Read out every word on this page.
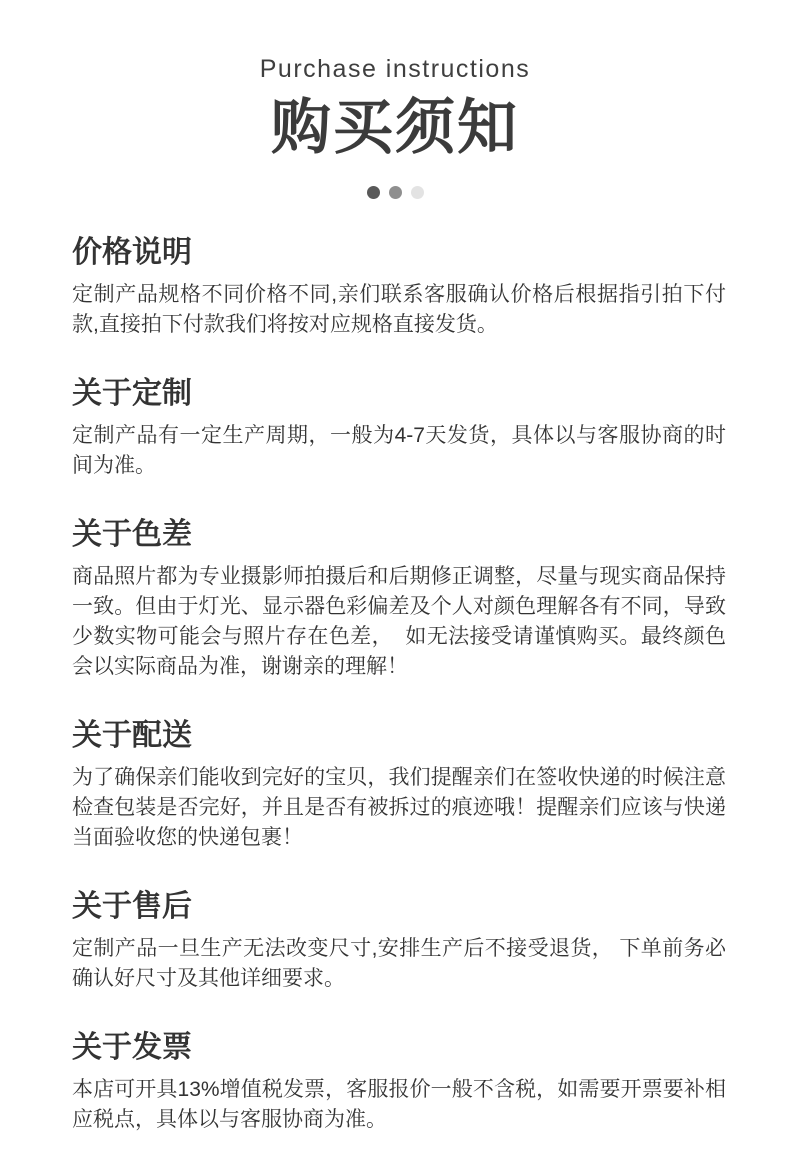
Purchase instructions
购买须知
价格说明
定制产品规格不同价格不同,亲们联系客服确认价格后根据指引拍下付款,直接拍下付款我们将按对应规格直接发货。
关于定制
定制产品有一定生产周期，一般为4-7天发货，具体以与客服协商的时间为准。
关于色差
商品照片都为专业摄影师拍摄后和后期修正调整，尽量与现实商品保持一致。但由于灯光、显示器色彩偏差及个人对颜色理解各有不同，导致少数实物可能会与照片存在色差，  如无法接受请谨慎购买。最终颜色会以实际商品为准，谢谢亲的理解！
关于配送
为了确保亲们能收到完好的宝贝，我们提醒亲们在签收快递的时候注意检查包装是否完好，并且是否有被拆过的痕迹哦！提醒亲们应该与快递当面验收您的快递包裹！
关于售后
定制产品一旦生产无法改变尺寸,安排生产后不接受退货， 下单前务必确认好尺寸及其他详细要求。
关于发票
本店可开具13%增值税发票，客服报价一般不含税，如需要开票要补相应税点，具体以与客服协商为准。
